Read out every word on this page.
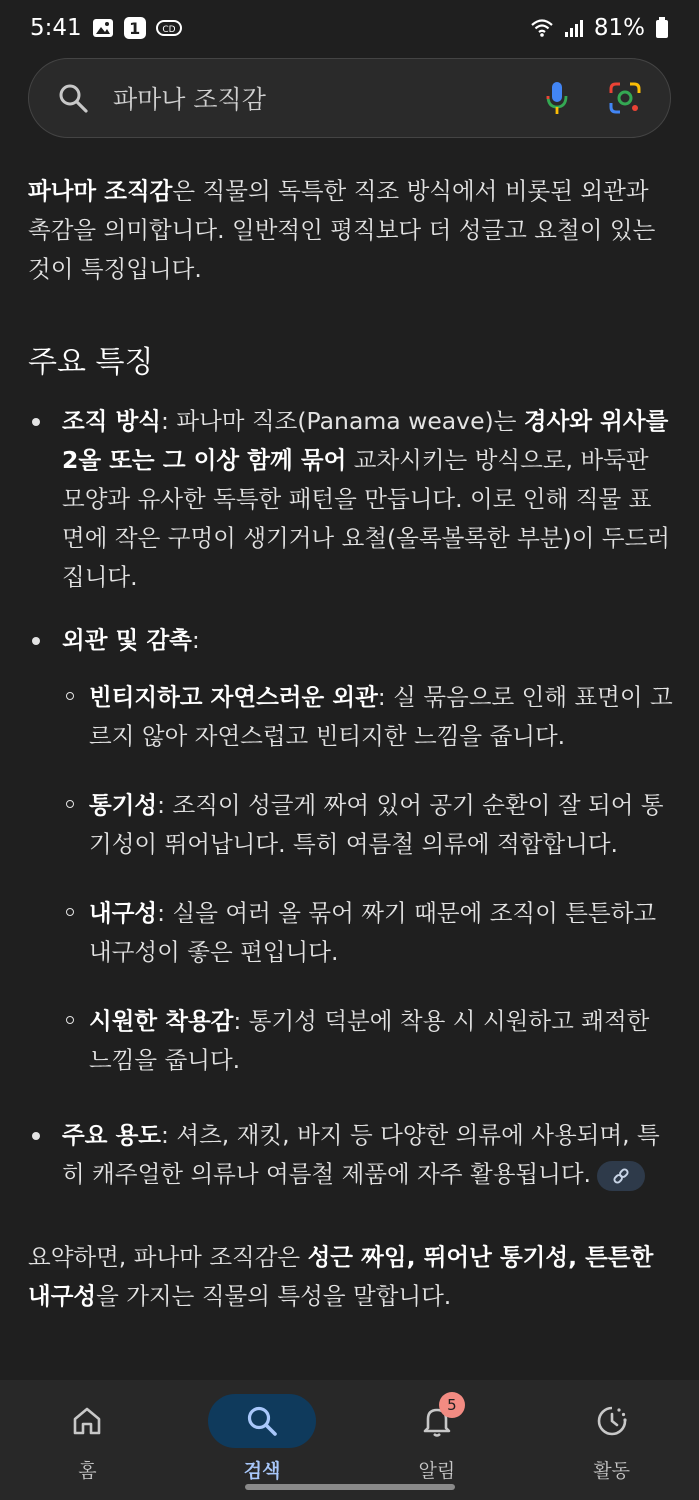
5:41	1	CD	81%
파마나 조직감

파나마 조직감은 직물의 독특한 직조 방식에서 비롯된 외관과 촉감을 의미합니다. 일반적인 평직보다 더 성글고 요철이 있는 것이 특징입니다.

주요 특징
조직 방식: 파나마 직조(Panama weave)는 경사와 위사를 2올 또는 그 이상 함께 묶어 교차시키는 방식으로, 바둑판 모양과 유사한 독특한 패턴을 만듭니다. 이로 인해 직물 표면에 작은 구멍이 생기거나 요철(올록볼록한 부분)이 두드러집니다.
외관 및 감촉:
빈티지하고 자연스러운 외관: 실 묶음으로 인해 표면이 고르지 않아 자연스럽고 빈티지한 느낌을 줍니다.
통기성: 조직이 성글게 짜여 있어 공기 순환이 잘 되어 통기성이 뛰어납니다. 특히 여름철 의류에 적합합니다.
내구성: 실을 여러 올 묶어 짜기 때문에 조직이 튼튼하고 내구성이 좋은 편입니다.
시원한 착용감: 통기성 덕분에 착용 시 시원하고 쾌적한 느낌을 줍니다.
주요 용도: 셔츠, 재킷, 바지 등 다양한 의류에 사용되며, 특히 캐주얼한 의류나 여름철 제품에 자주 활용됩니다.

요약하면, 파나마 조직감은 성근 짜임, 뛰어난 통기성, 튼튼한 내구성을 가지는 직물의 특성을 말합니다.

홈	검색
5
알림	활동
